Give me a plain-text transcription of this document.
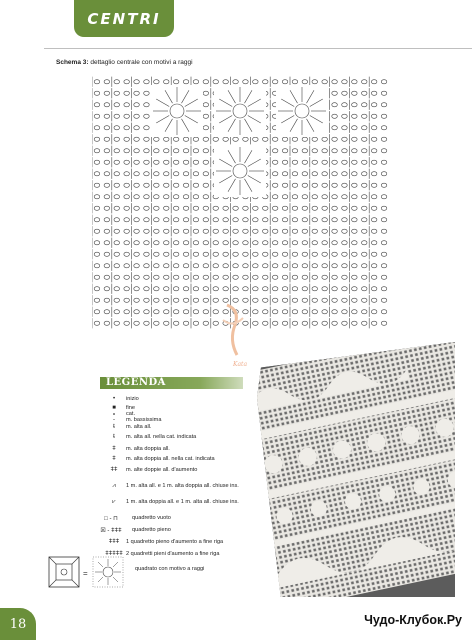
CENTRI
Schema 3: dettaglio centrale con motivi a raggi
Kata
LEGENDA
•	inizio
■	fine
∘	cat.
-	m. bassissima
ŧ	m. alta all.
ŧ	m. alta all. nella cat. indicata
ǂ	m. alta doppia all.
ǂ	m. alta doppia all. nella cat. indicata
ǂǂ	m. alte doppie all. d'aumento
⩘	1 m. alta all. e 1 m. alta doppia all. chiuse ins.
⩗	1 m. alta doppia all. e 1 m. alta all. chiuse ins.
□ - ⊓	quadretto vuoto
☒ - ǂǂǂ	quadretto pieno
ǂǂǂ	1 quadretto pieno d'aumento a fine riga
ǂǂǂǂǂ 2 quadretti pieni d'aumento a fine riga
=	quadrato con motivo a raggi
18	Чудо-Клубок.Ру
